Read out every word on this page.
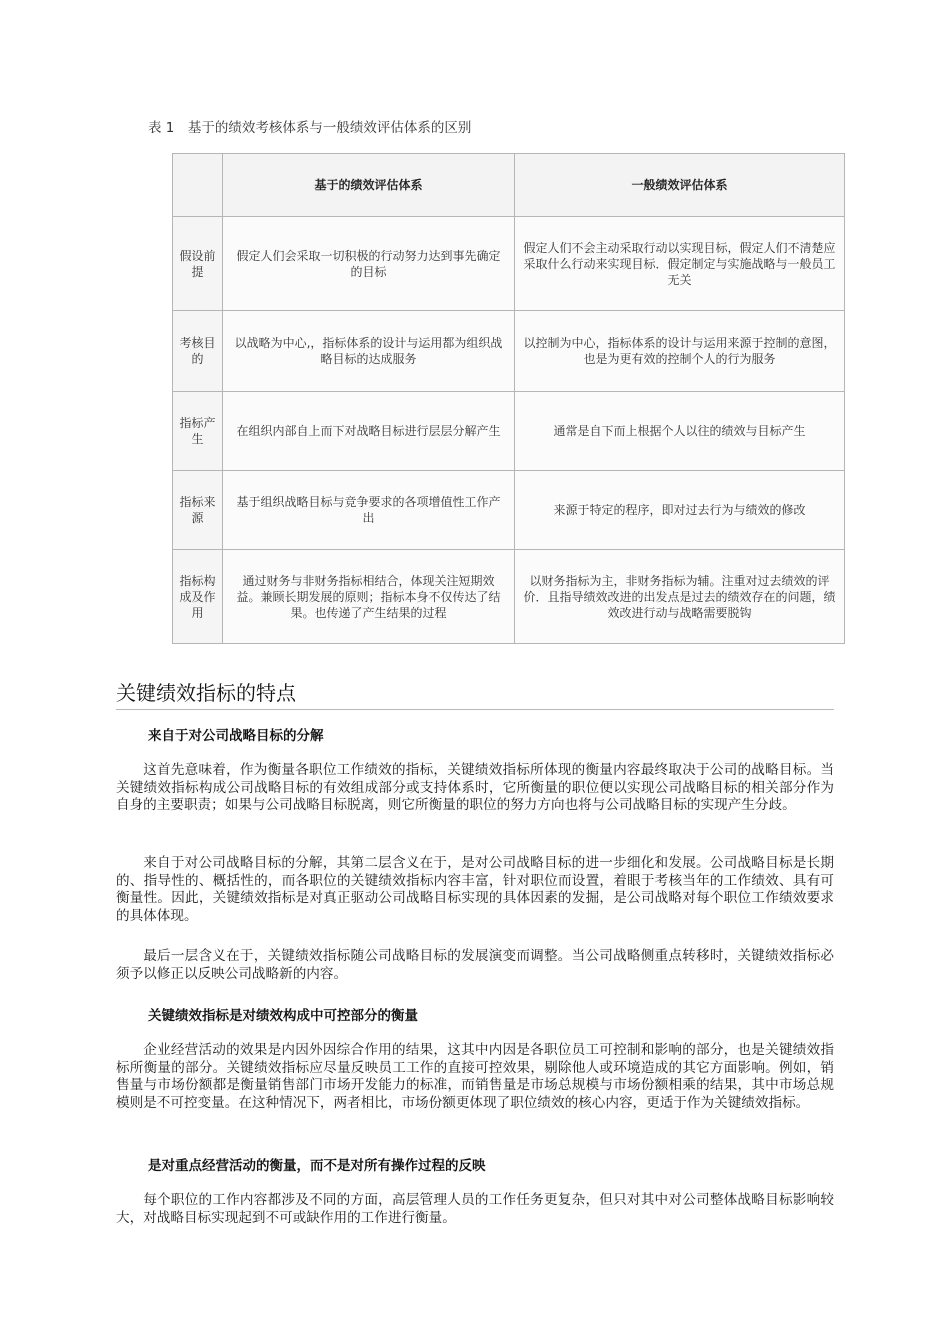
表 1　基于的绩效考核体系与一般绩效评估体系的区别
	基于的绩效评估体系	一般绩效评估体系
假设前提	假定人们会采取一切积极的行动努力达到事先确定的目标	假定人们不会主动采取行动以实现目标，假定人们不清楚应采取什么行动来实现目标．假定制定与实施战略与一般员工无关
考核目的	以战略为中心,，指标体系的设计与运用都为组织战略目标的达成服务	以控制为中心，指标体系的设计与运用来源于控制的意图，也是为更有效的控制个人的行为服务
指标产生	在组织内部自上而下对战略目标进行层层分解产生	通常是自下而上根据个人以往的绩效与目标产生
指标来源	基于组织战略目标与竞争要求的各项增值性工作产出	来源于特定的程序，即对过去行为与绩效的修改
指标构成及作用	通过财务与非财务指标相结合，体现关注短期效益。兼顾长期发展的原则；指标本身不仅传达了结果。也传递了产生结果的过程	以财务指标为主，非财务指标为辅。注重对过去绩效的评价．且指导绩效改进的出发点是过去的绩效存在的问题，绩效改进行动与战略需要脱钩
关键绩效指标的特点
来自于对公司战略目标的分解

这首先意味着，作为衡量各职位工作绩效的指标，关键绩效指标所体现的衡量内容最终取决于公司的战略目标。当关键绩效指标构成公司战略目标的有效组成部分或支持体系时，它所衡量的职位便以实现公司战略目标的相关部分作为自身的主要职责；如果与公司战略目标脱离，则它所衡量的职位的努力方向也将与公司战略目标的实现产生分歧。

来自于对公司战略目标的分解，其第二层含义在于，是对公司战略目标的进一步细化和发展。公司战略目标是长期的、指导性的、概括性的，而各职位的关键绩效指标内容丰富，针对职位而设置，着眼于考核当年的工作绩效、具有可衡量性。因此，关键绩效指标是对真正驱动公司战略目标实现的具体因素的发掘，是公司战略对每个职位工作绩效要求的具体体现。

最后一层含义在于，关键绩效指标随公司战略目标的发展演变而调整。当公司战略侧重点转移时，关键绩效指标必须予以修正以反映公司战略新的内容。

关键绩效指标是对绩效构成中可控部分的衡量

企业经营活动的效果是内因外因综合作用的结果，这其中内因是各职位员工可控制和影响的部分，也是关键绩效指标所衡量的部分。关键绩效指标应尽量反映员工工作的直接可控效果，剔除他人或环境造成的其它方面影响。例如，销售量与市场份额都是衡量销售部门市场开发能力的标准，而销售量是市场总规模与市场份额相乘的结果，其中市场总规模则是不可控变量。在这种情况下，两者相比，市场份额更体现了职位绩效的核心内容，更适于作为关键绩效指标。

是对重点经营活动的衡量，而不是对所有操作过程的反映

每个职位的工作内容都涉及不同的方面，高层管理人员的工作任务更复杂，但只对其中对公司整体战略目标影响较大，对战略目标实现起到不可或缺作用的工作进行衡量。
